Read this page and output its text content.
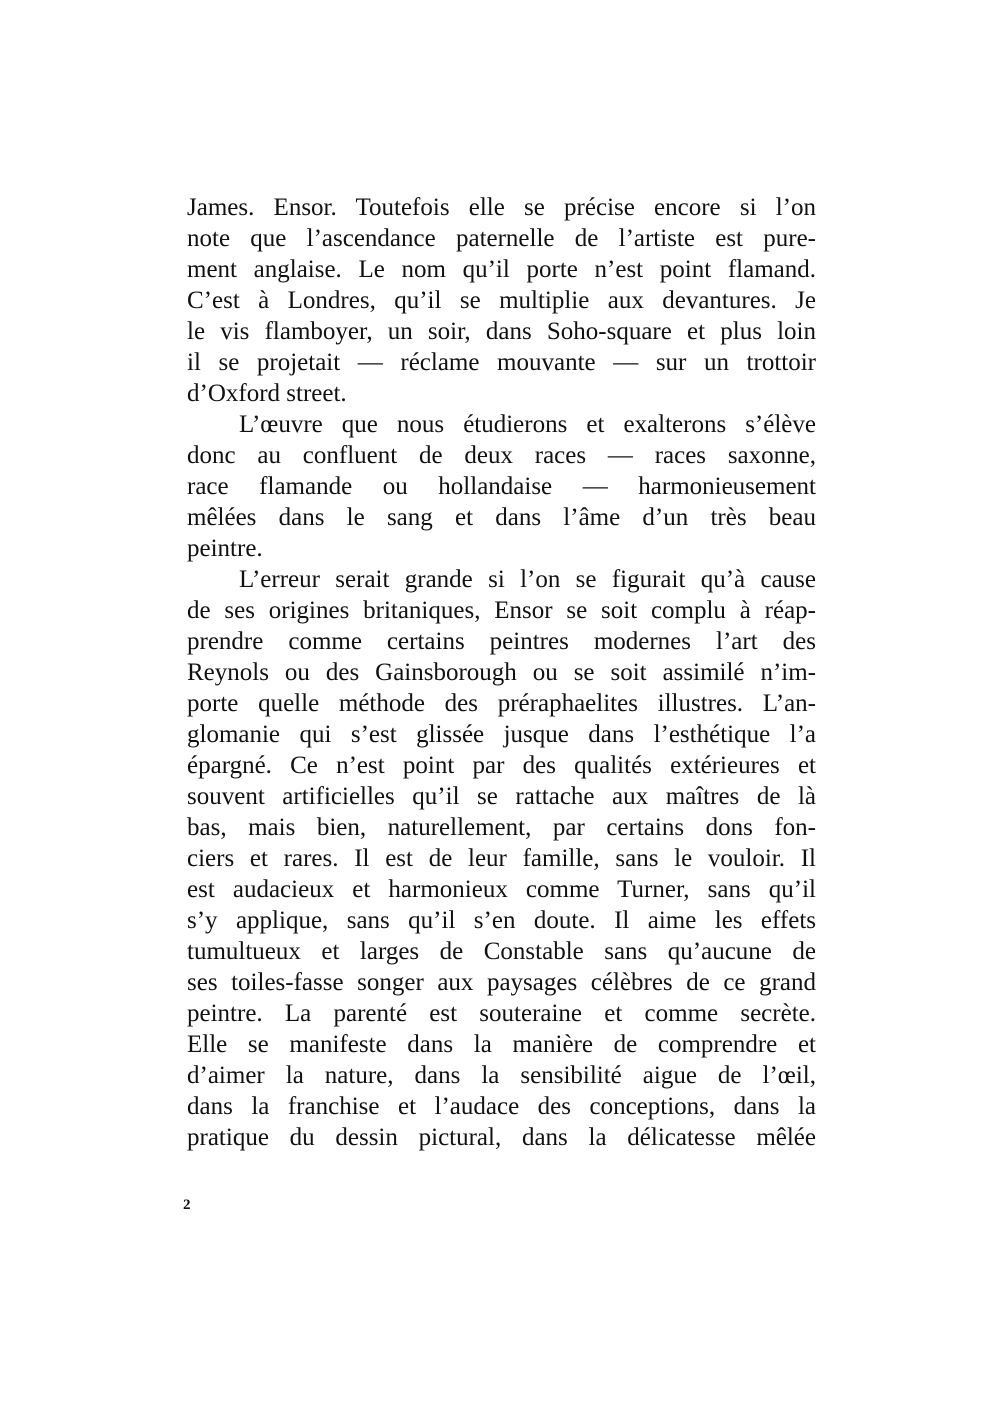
James. Ensor. Toutefois elle se précise encore si l’on
note que l’ascendance paternelle de l’artiste est pure-
ment anglaise. Le nom qu’il porte n’est point flamand.
C’est à Londres, qu’il se multiplie aux devantures. Je
le vis flamboyer, un soir, dans Soho-square et plus loin
il se projetait — réclame mouvante — sur un trottoir
d’Oxford street.
L’œuvre que nous étudierons et exalterons s’élève
donc au confluent de deux races — races saxonne,
race flamande ou hollandaise — harmonieusement
mêlées dans le sang et dans l’âme d’un très beau
peintre.
L’erreur serait grande si l’on se figurait qu’à cause
de ses origines britaniques, Ensor se soit complu à réap-
prendre comme certains peintres modernes l’art des
Reynols ou des Gainsborough ou se soit assimilé n’im-
porte quelle méthode des préraphaelites illustres. L’an-
glomanie qui s’est glissée jusque dans l’esthétique l’a
épargné. Ce n’est point par des qualités extérieures et
souvent artificielles qu’il se rattache aux maîtres de là
bas, mais bien, naturellement, par certains dons fon-
ciers et rares. Il est de leur famille, sans le vouloir. Il
est audacieux et harmonieux comme Turner, sans qu’il
s’y applique, sans qu’il s’en doute. Il aime les effets
tumultueux et larges de Constable sans qu’aucune de
ses toiles-fasse songer aux paysages célèbres de ce grand
peintre. La parenté est souteraine et comme secrète.
Elle se manifeste dans la manière de comprendre et
d’aimer la nature, dans la sensibilité aigue de l’œil,
dans la franchise et l’audace des conceptions, dans la
pratique du dessin pictural, dans la délicatesse mêlée
2
